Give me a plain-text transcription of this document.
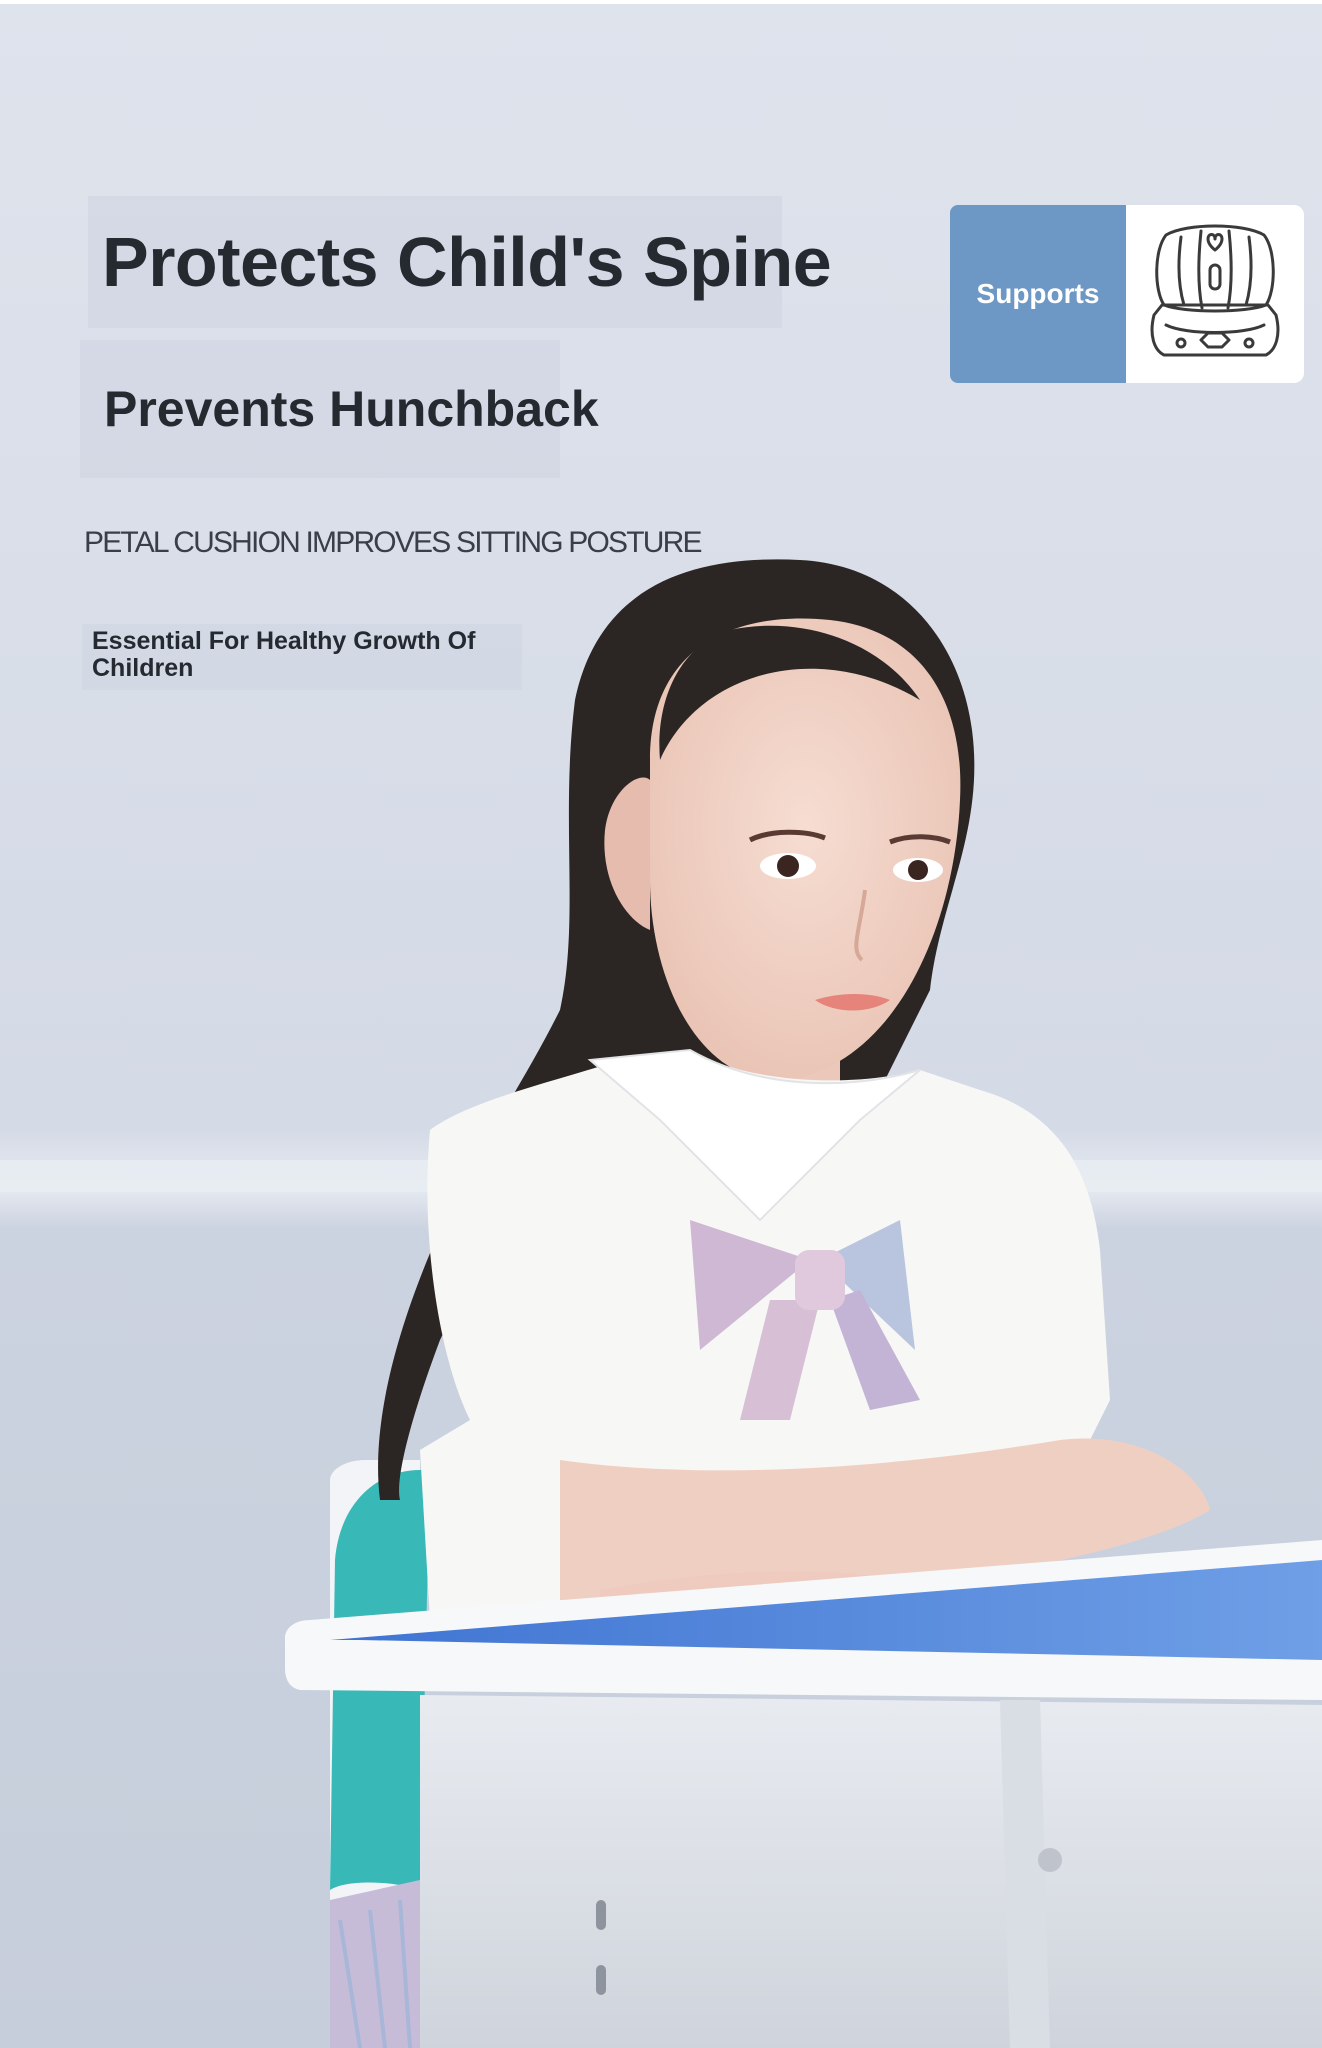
Protects Child's Spine
Prevents Hunchback
PETAL CUSHION IMPROVES SITTING POSTURE
Essential For Healthy Growth Of Children
Supports
